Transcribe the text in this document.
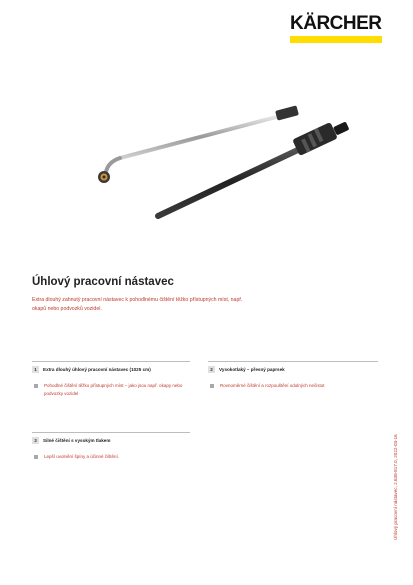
KÄRCHER
Úhlový pracovní nástavec

Extra dlouhý zahnutý pracovní nástavec k pohodlnému čištění těžko přístupných míst, např.

okapů nebo podvozků vozidel.

1	Extra dlouhý úhlový pracovní nástavec (1025 cm)
Pohodlné čištění těžko přístupných míst – jako jsou např. okapy nebo
podvozky vozidel
2	Vysokotlaký – přesný paprsek
Rovnoměrné čištění a rozpouštění odolných nečistot
3	Silné čištění s vysokým tlakem
Lepší uvolnění špíny a účinné čištění.	Úhlový pracovní nástavec, 2.638-817.0, 2022-03-16
